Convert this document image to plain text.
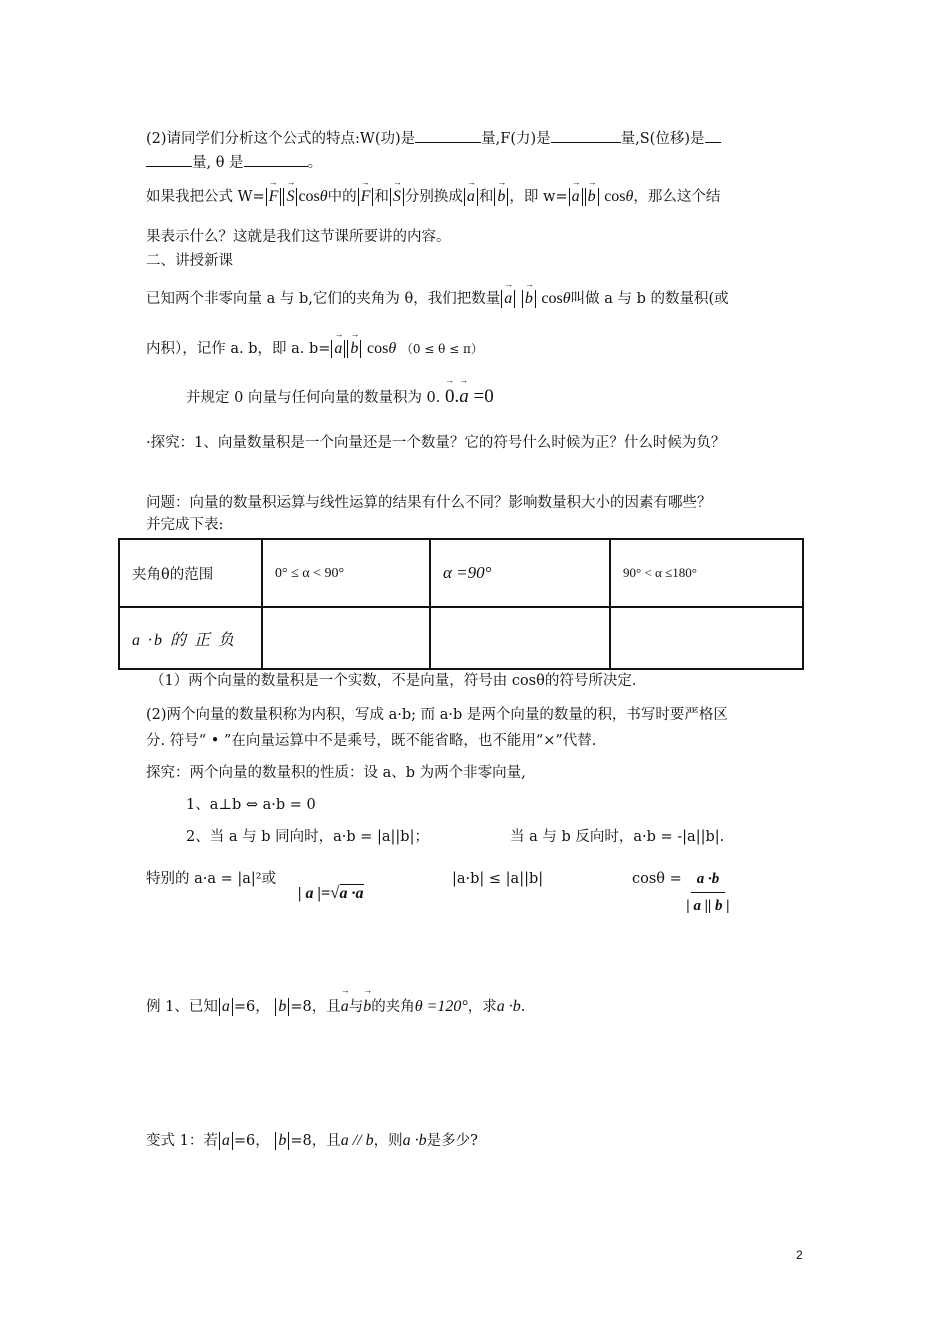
(2)请同学们分析这个公式的特点:W(功)是	量,F(力)是	量,S(位移)是
量, θ 是	。
如果我把公式 W= → F → S cosθ中的 → F 和 → S 分别换成 → a 和 → b ，即 w= → a → b cosθ，那么这个结
果表示什么？这就是我们这节课所要讲的内容。
二、讲授新课
已知两个非零向量 a 与 b,它们的夹角为 θ，我们把数量 → a → b cosθ叫做 a 与 b 的数量积(或
内积），记作 a. b，即 a. b= → a → b cosθ （0 ≤ θ ≤ π）
并规定 0 向量与任何向量的数量积为 0. → 0.→ a =0
·探究：1、向量数量积是一个向量还是一个数量？它的符号什么时候为正？什么时候为负？
问题：向量的数量积运算与线性运算的结果有什么不同？影响数量积大小的因素有哪些？
并完成下表:
夹角θ的范围	0° ≤ α < 90°	α =90°	90° < α ≤180°
a ·b 的 正 负			
（1）两个向量的数量积是一个实数，不是向量，符号由 cosθ的符号所决定.
(2)两个向量的数量积称为内积，写成 a·b; 而 a·b 是两个向量的数量的积，书写时要严格区
分. 符号“ • ”在向量运算中不是乘号，既不能省略，也不能用“×”代替.
探究：两个向量的数量积的性质：设 a、b 为两个非零向量,
1、a⊥b ⇔ a·b = 0
2、当 a 与 b 同向时，a·b = |a||b|；	当 a 与 b 反向时，a·b = -|a||b|.
特别的 a·a = |a|²或
| a |=√a ·a
|a·b| ≤ |a||b|	$\cos\theta = \frac{a \cdot b}{| a || b |}$
例 1、已知 a =6， b =8，且→ a与→ b的夹角θ =120°，求a ·b.
变式 1：若 a =6， b =8，且a // b，则a ·b是多少?
2
